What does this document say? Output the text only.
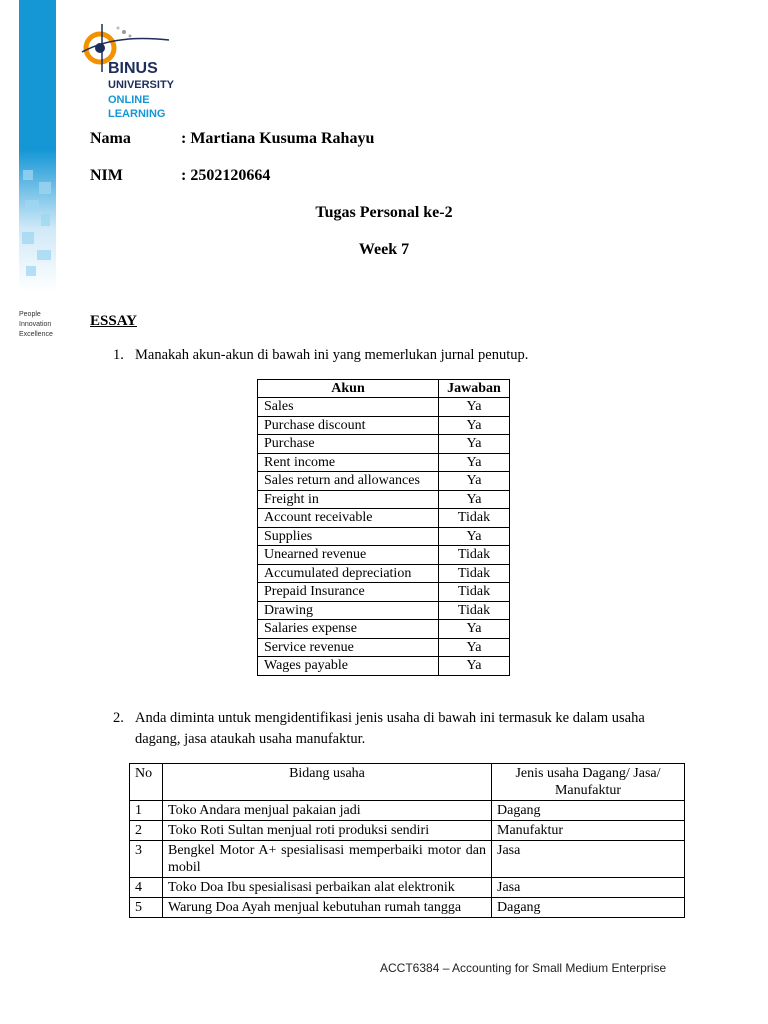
People
Innovation
Excellence
BINUS
UNIVERSITY
ONLINE
LEARNING
Nama	: Martiana Kusuma Rahayu
NIM	: 2502120664
Tugas Personal ke-2
Week 7
ESSAY
1. Manakah akun-akun di bawah ini yang memerlukan jurnal penutup.
Akun	Jawaban
Sales	Ya
Purchase discount	Ya
Purchase	Ya
Rent income	Ya
Sales return and allowances	Ya
Freight in	Ya
Account receivable	Tidak
Supplies	Ya
Unearned revenue	Tidak
Accumulated depreciation	Tidak
Prepaid Insurance	Tidak
Drawing	Tidak
Salaries expense	Ya
Service revenue	Ya
Wages payable	Ya
2. Anda diminta untuk mengidentifikasi jenis usaha di bawah ini termasuk ke dalam usaha
dagang, jasa ataukah usaha manufaktur.
No	Bidang usaha	Jenis usaha Dagang/ Jasa/ Manufaktur
1	Toko Andara menjual pakaian jadi	Dagang
2	Toko Roti Sultan menjual roti produksi sendiri	Manufaktur
3	Bengkel Motor A+ spesialisasi memperbaiki motor dan mobil	Jasa
4	Toko Doa Ibu spesialisasi perbaikan alat elektronik	Jasa
5	Warung Doa Ayah menjual kebutuhan rumah tangga	Dagang
ACCT6384 – Accounting for Small Medium Enterprise
